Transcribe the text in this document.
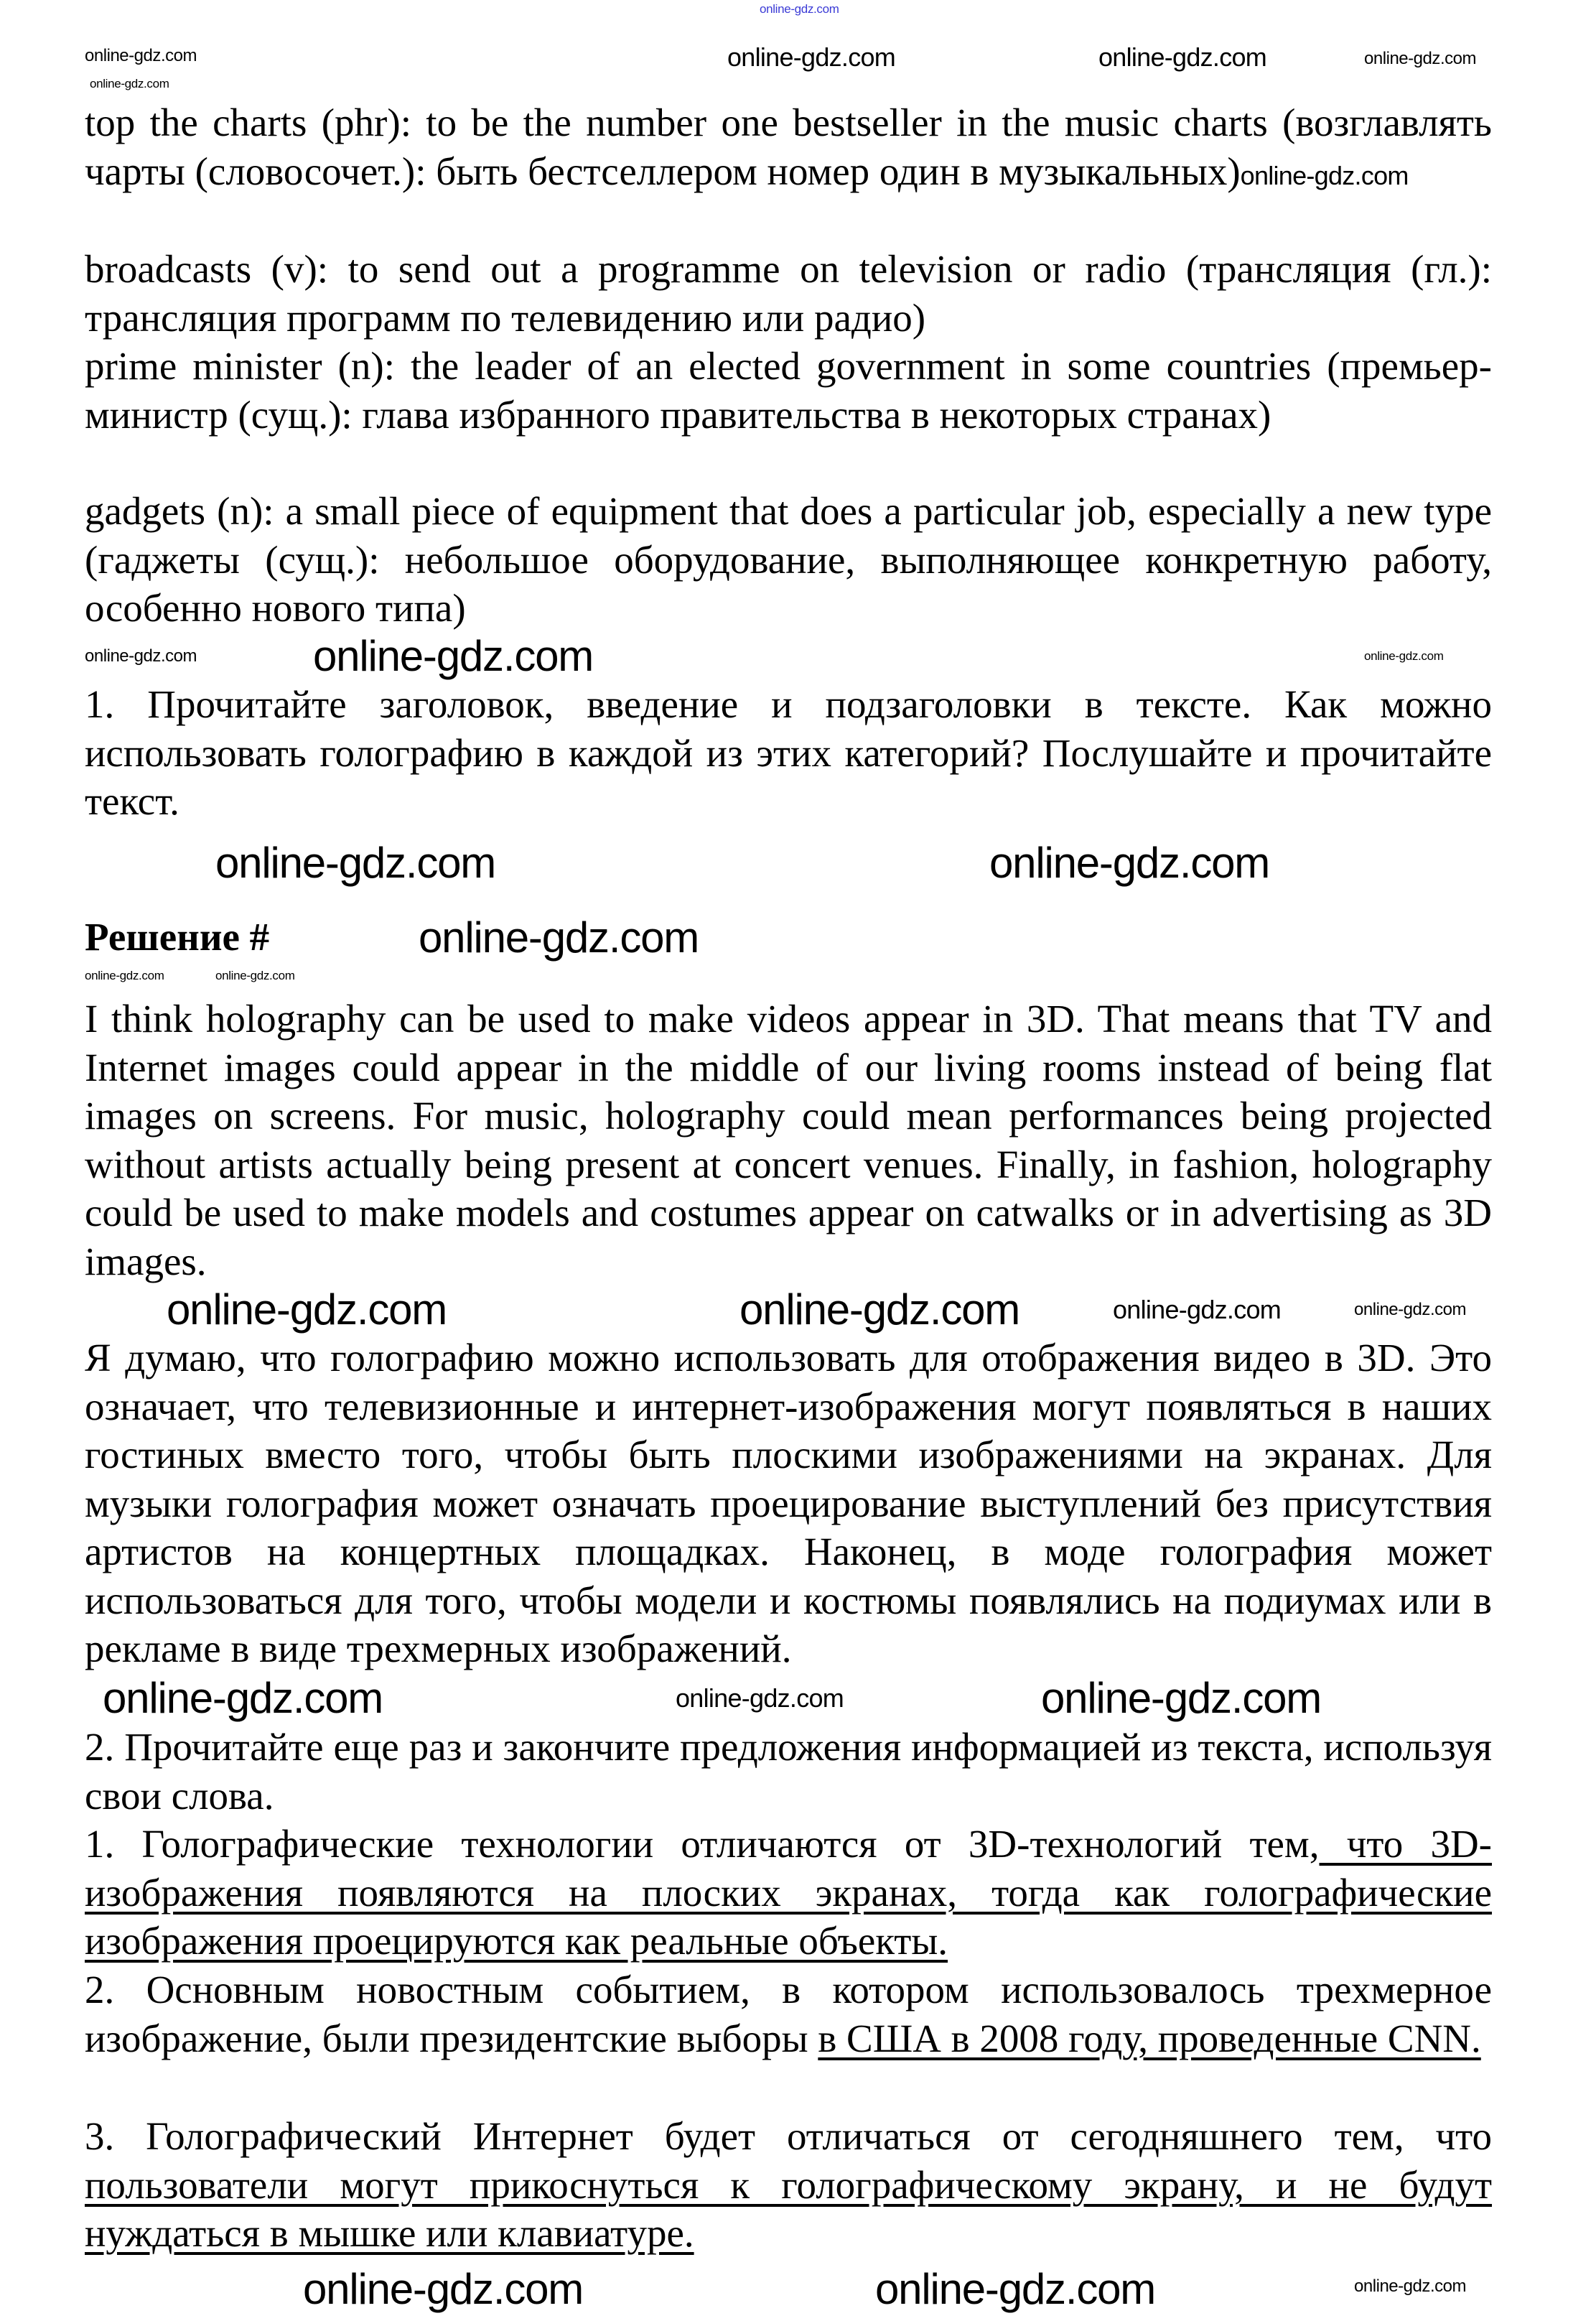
top the charts (phr): to be the number one bestseller in the music charts (возглавлять чарты (словосочет.): быть бестселлером номер один в музыкальных)online-gdz.com
broadcasts (v): to send out a programme on television or radio (трансляция (гл.): трансляция программ по телевидению или радио)
prime minister (n): the leader of an elected government in some countries (премьер-министр (сущ.): глава избранного правительства в некоторых странах)
gadgets (n): a small piece of equipment that does a particular job, especially a new type (гаджеты (сущ.): небольшое оборудование, выполняющее конкретную работу, особенно нового типа)
1. Прочитайте заголовок, введение и подзаголовки в тексте. Как можно использовать голографию в каждой из этих категорий? Послушайте и прочитайте текст.
Решение #
I think holography can be used to make videos appear in 3D. That means that TV and Internet images could appear in the middle of our living rooms instead of being flat images on screens. For music, holography could mean performances being projected without artists actually being present at concert venues. Finally, in fashion, holography could be used to make models and costumes appear on catwalks or in advertising as 3D images.
Я думаю, что голографию можно использовать для отображения видео в 3D. Это означает, что телевизионные и интернет-изображения могут появляться в наших гостиных вместо того, чтобы быть плоскими изображениями на экранах. Для музыки голография может означать проецирование выступлений без присутствия артистов на концертных площадках. Наконец, в моде голография может использоваться для того, чтобы модели и костюмы появлялись на подиумах или в рекламе в виде трехмерных изображений.
2. Прочитайте еще раз и закончите предложения информацией из текста, используя свои слова.
1. Голографические технологии отличаются от 3D-технологий тем, что 3D-изображения появляются на плоских экранах, тогда как голографические изображения проецируются как реальные объекты.
2. Основным новостным событием, в котором использовалось трехмерное изображение, были президентские выборы в США в 2008 году, проведенные CNN.
3. Голографический Интернет будет отличаться от сегодняшнего тем, что пользователи могут прикоснуться к голографическому экрану, и не будут нуждаться в мышке или клавиатуре.
online-gdz.com
online-gdz.com
online-gdz.com
online-gdz.com	online-gdz.com	online-gdz.com
online-gdz.com	online-gdz.com	online-gdz.com
online-gdz.com	online-gdz.com
online-gdz.com
online-gdz.com	online-gdz.com
online-gdz.com	online-gdz.com	online-gdz.com	online-gdz.com
online-gdz.com	online-gdz.com	online-gdz.com
online-gdz.com	online-gdz.com	online-gdz.com
